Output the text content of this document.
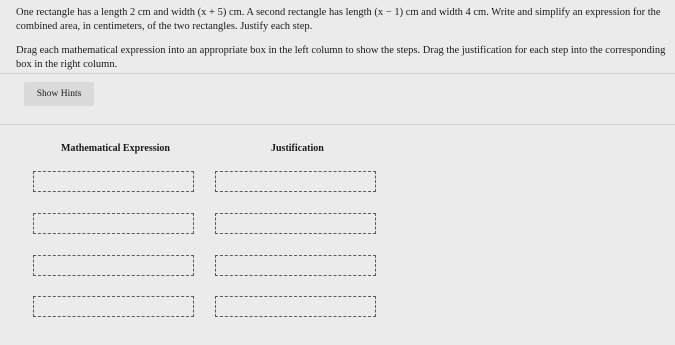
One rectangle has a length 2 cm and width (x + 5) cm. A second rectangle has length (x − 1) cm and width 4 cm. Write and simplify an expression for the combined area, in centimeters, of the two rectangles. Justify each step.
Drag each mathematical expression into an appropriate box in the left column to show the steps. Drag the justification for each step into the corresponding box in the right column.
Show Hints
Mathematical Expression	Justification
